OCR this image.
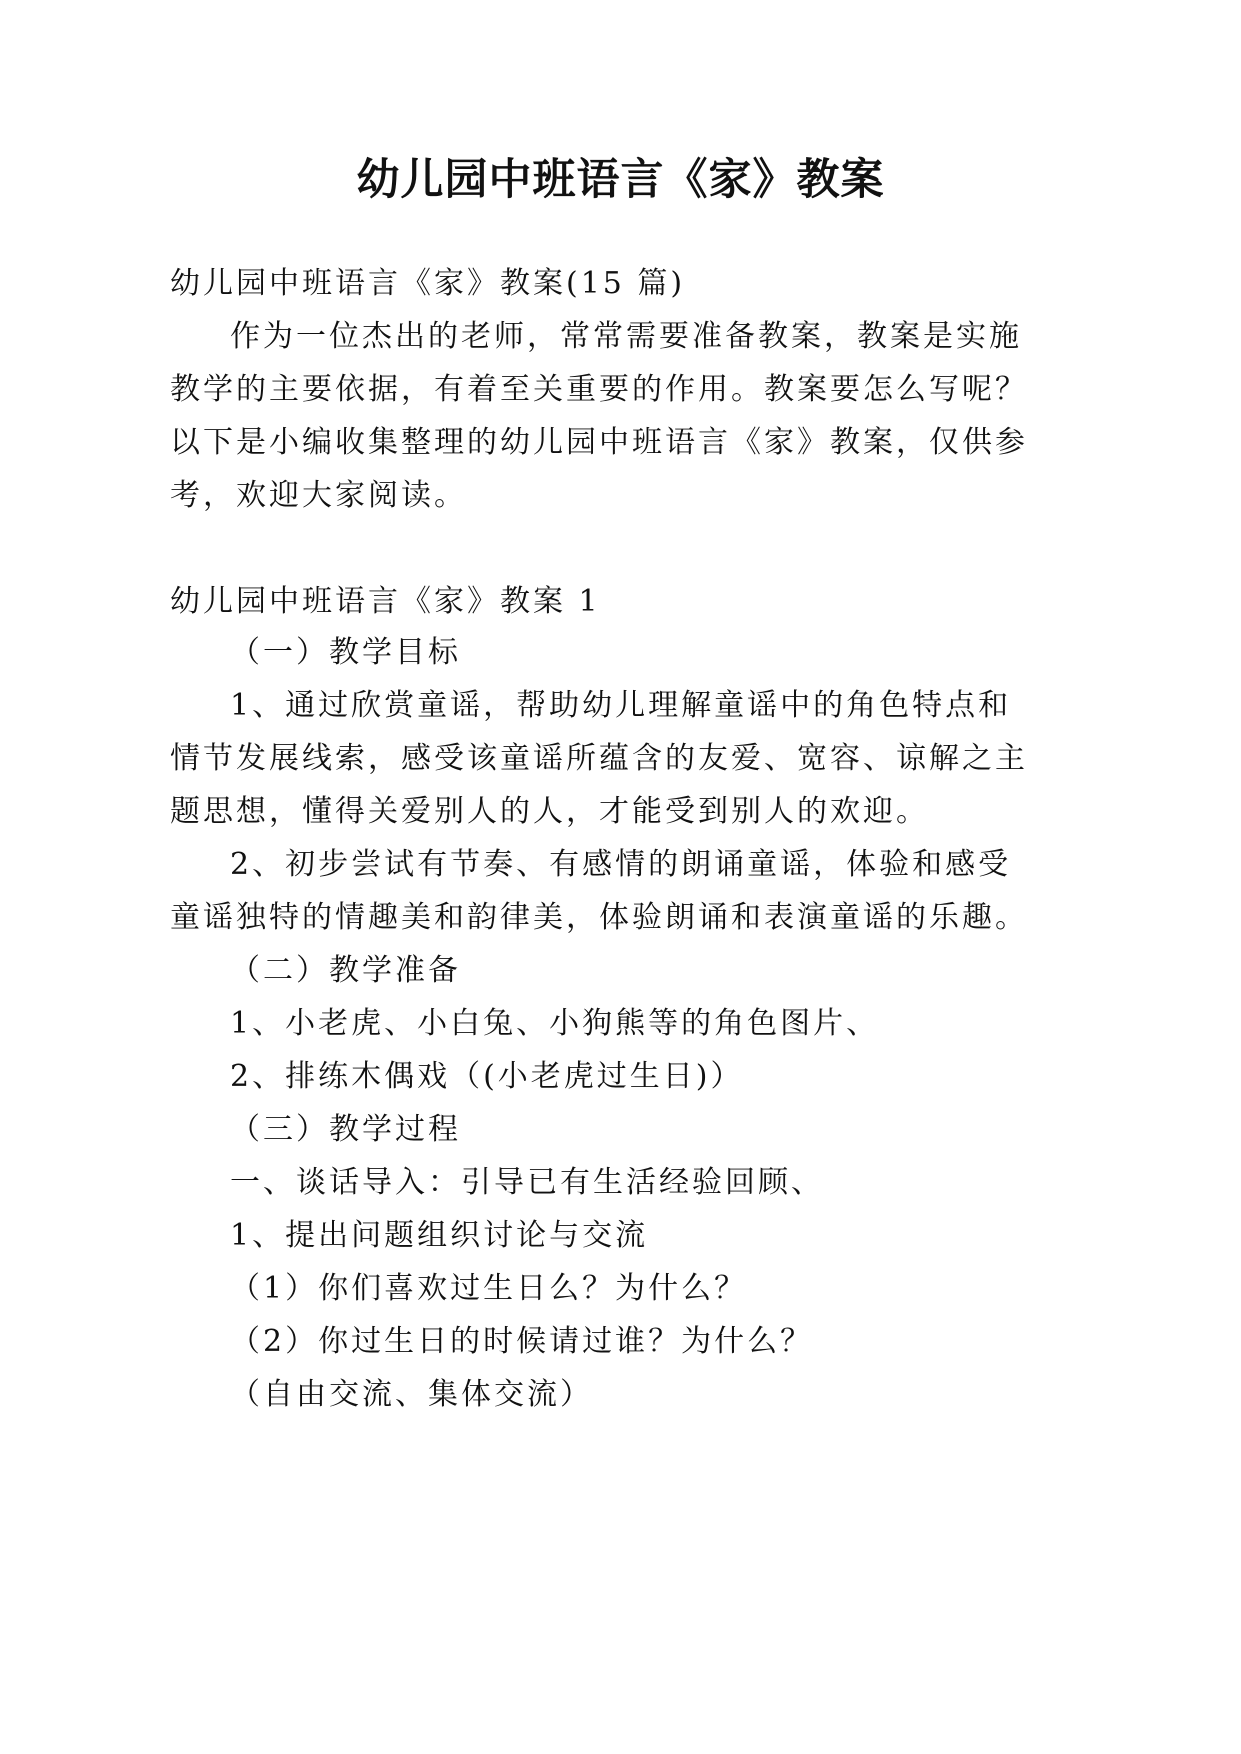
幼儿园中班语言《家》教案
幼儿园中班语言《家》教案(15 篇)
作为一位杰出的老师，常常需要准备教案，教案是实施
教学的主要依据，有着至关重要的作用。教案要怎么写呢？
以下是小编收集整理的幼儿园中班语言《家》教案，仅供参
考，欢迎大家阅读。
幼儿园中班语言《家》教案 1
（一）教学目标
1、通过欣赏童谣，帮助幼儿理解童谣中的角色特点和
情节发展线索，感受该童谣所蕴含的友爱、宽容、谅解之主
题思想，懂得关爱别人的人，才能受到别人的欢迎。
2、初步尝试有节奏、有感情的朗诵童谣，体验和感受
童谣独特的情趣美和韵律美，体验朗诵和表演童谣的乐趣。
（二）教学准备
1、小老虎、小白兔、小狗熊等的角色图片、
2、排练木偶戏（(小老虎过生日)）
（三）教学过程
一、谈话导入：引导已有生活经验回顾、
1、提出问题组织讨论与交流
（1）你们喜欢过生日么？为什么？
（2）你过生日的时候请过谁？为什么？
（自由交流、集体交流）
